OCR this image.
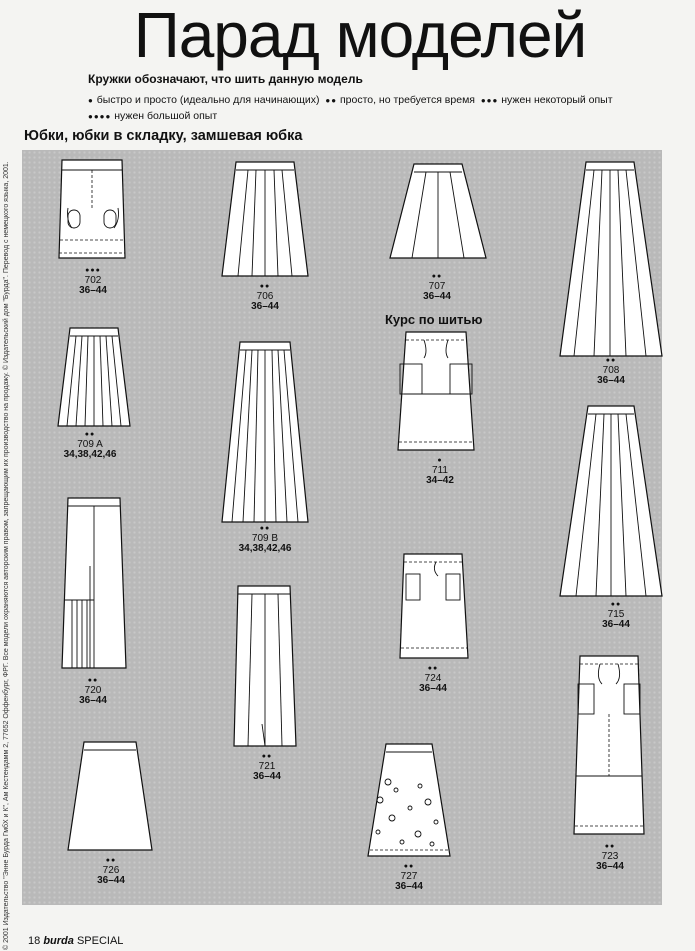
Парад моделей
Кружки обозначают, что шить данную модель
● быстро и просто (идеально для начинающих) ●● просто, но требуется время ●●● нужен некоторый опыт
●●●● нужен большой опыт
Юбки, юбки в складку, замшевая юбка
© 2001 Издательство "Энне Бурда ГмбХ и К", Ам Кестендамм 2, 77652 Оффенбург, ФРГ. Все модели охраняются авторским правом, запрещающим их производство на продажу. © Издательский дом "Бурда". Перевод с немецкого языка, 2001.	●●●
702
36–44	●●
706
36–44
●●
707
36–44
●●
708
36–44
●●
709 A
34,38,42,46
Курс по шитью
●
711
34–42
●●
709 B
34,38,42,46
●●
715
36–44
●●
720
36–44
●●
724
36–44
●●
721
36–44
●●
723
36–44
●●
726
36–44
●●
727
36–44
18 burda SPECIAL
